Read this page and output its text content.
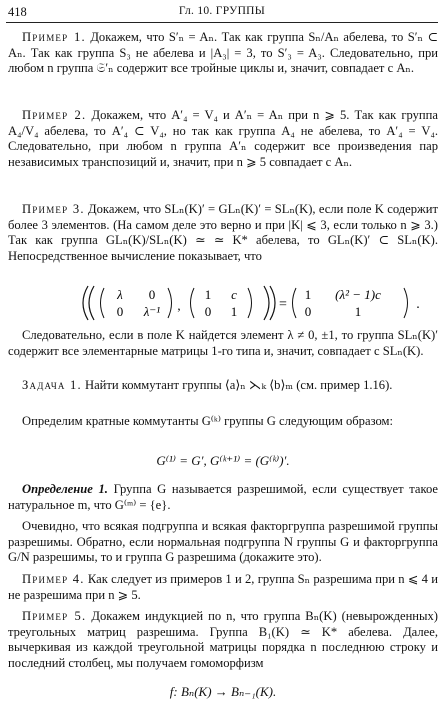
418	Гл. 10. ГРУППЫ

Пример 1. Докажем, что S′ₙ = Aₙ. Так как группа Sₙ/Aₙ абелева, то S′ₙ ⊂ Aₙ. Так как группа S₃ не абелева и |A₃| = 3, то S′₃ = A₃. Следовательно, при любом n группа 𝔖′ₙ содержит все тройные циклы и, значит, совпадает с Aₙ.

Пример 2. Докажем, что A′₄ = V₄ и A′ₙ = Aₙ при n ⩾ 5. Так как группа A₄/V₄ абелева, то A′₄ ⊂ V₄, но так как группа A₄ не абелева, то A′₄ = V₄. Следовательно, при любом n группа A′ₙ содержит все произведения пар независимых транспозиций и, значит, при n ⩾ 5 совпадает с Aₙ.

Пример 3. Докажем, что SLₙ(K)′ = GLₙ(K)′ = SLₙ(K), если поле K содержит более 3 элементов. (На самом деле это верно и при |K| ⩽ 3, если только n ⩾ 3.) Так как группа GLₙ(K)/SLₙ(K) ≃ ≃ K* абелева, то GLₙ(K)′ ⊂ SLₙ(K). Непосредственное вычисление показывает, что

λ 0
0 λ⁻¹ ,
1 c
0 1	=
1 (λ² − 1)c
0	1	.

Следовательно, если в поле K найдется элемент λ ≠ 0, ±1, то группа SLₙ(K)′ содержит все элементарные матрицы 1-го типа и, значит, совпадает с SLₙ(K).

Задача 1. Найти коммутант группы ⟨a⟩ₙ ⋋ₖ ⟨b⟩ₘ (см. пример 1.16).

Определим кратные коммутанты G⁽ᵏ⁾ группы G следующим образом:

G⁽¹⁾ = G′, G⁽ᵏ⁺¹⁾ = (G⁽ᵏ⁾)′.

Определение 1. Группа G называется разрешимой, если существует такое натуральное m, что G⁽ᵐ⁾ = {e}.

Очевидно, что всякая подгруппа и всякая факторгруппа разрешимой группы разрешимы. Обратно, если нормальная подгруппа N группы G и факторгруппа G/N разрешимы, то и группа G разрешима (докажите это).

Пример 4. Как следует из примеров 1 и 2, группа Sₙ разрешима при n ⩽ 4 и не разрешима при n ⩾ 5.

Пример 5. Докажем индукцией по n, что группа Bₙ(K) (невырожденных) треугольных матриц разрешима. Группа B₁(K) ≃ K* абелева. Далее, вычеркивая из каждой треугольной матрицы порядка n последнюю строку и последний столбец, мы получаем гомоморфизм

f: Bₙ(K) → Bₙ₋₁(K).
